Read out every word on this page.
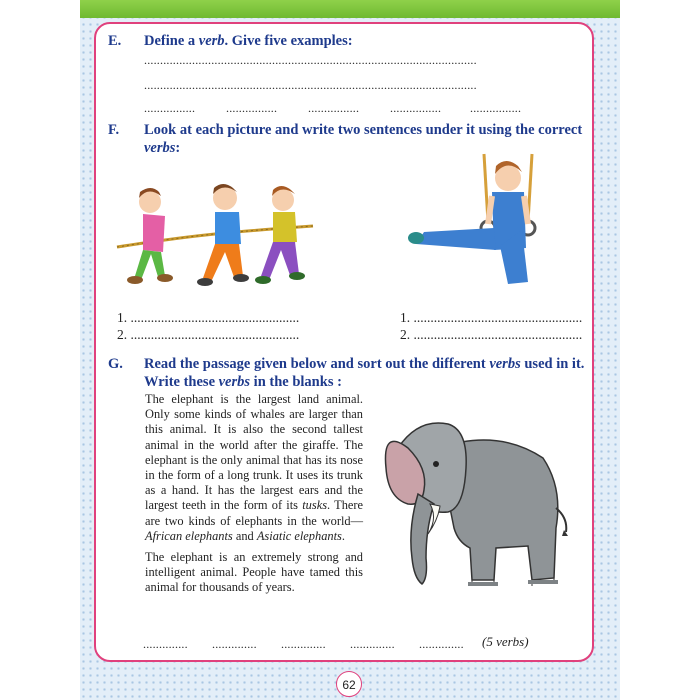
E. Define a verb. Give five examples:
........................................................................................................
........................................................................................................
................	................	................	................ ................
F. Look at each picture and write two sentences under it using the correct
verbs:
1. ..................................................
2. ..................................................
1. ..................................................
2. ..................................................
G. Read the passage given below and sort out the different verbs used in it.
Write these verbs in the blanks :

The elephant is the largest land animal. Only some kinds of whales are larger than this animal. It is also the second tallest animal in the world after the giraffe. The elephant is the only animal that has its nose in the form of a long trunk. It uses its trunk as a hand. It has the largest ears and the largest teeth in the form of its tusks. There are two kinds of elephants in the world—African elephants and Asiatic elephants.

The elephant is an extremely strong and intelligent animal. People have tamed this animal for thousands of years.

.............. .............. .............. .............. .............. (5 verbs)
62
